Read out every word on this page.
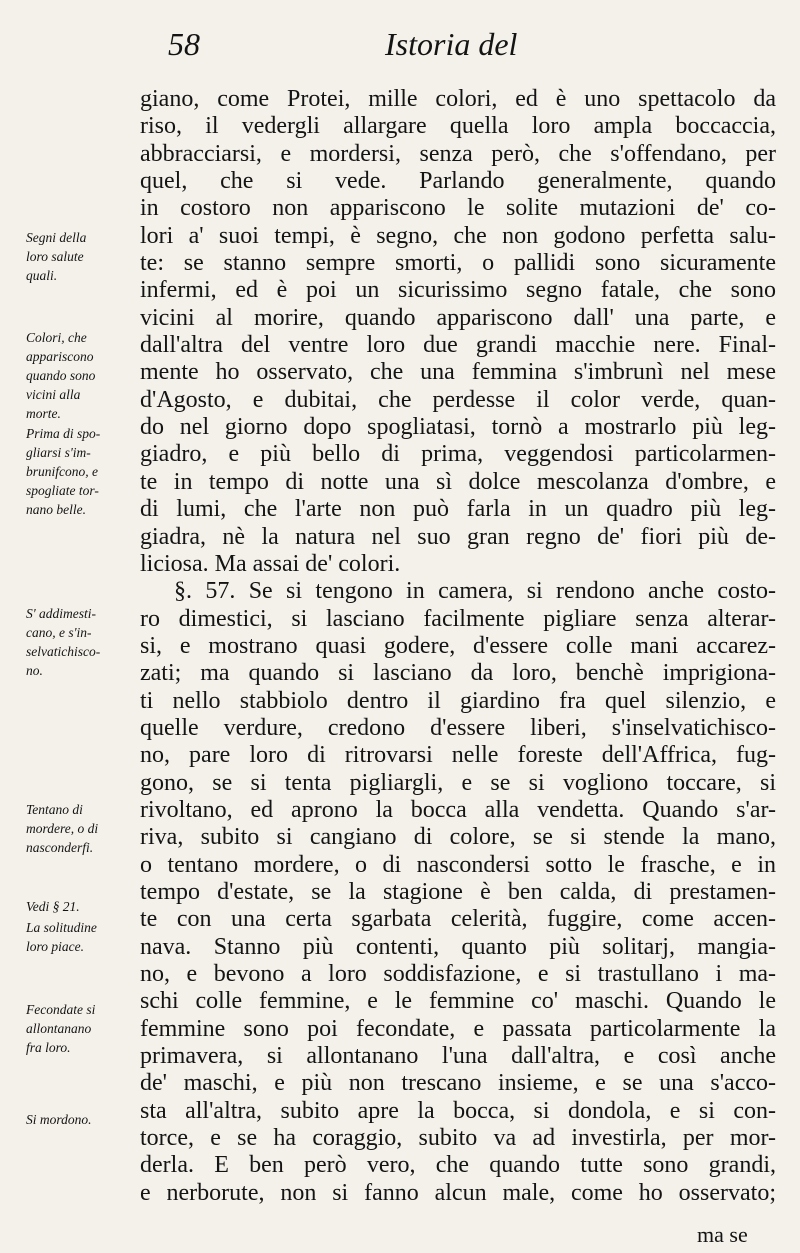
58	Istoria del
Segni della
loro salute
quali.
Colori, che
appariscono
quando sono
vicini alla
morte.
Prima di spo-
gliarsi s'im-
brunifcono, e
spogliate tor-
nano belle.
S' addimesti-
cano, e s'in-
selvatichisco-
no.
Tentano di
mordere, o di
nasconderfi.
Vedi § 21.
La solitudine
loro piace.
Fecondate si
allontanano
fra loro.
Si mordono.
giano, come Protei, mille colori, ed è uno spettacolo da
riso, il vedergli allargare quella loro ampla boccaccia,
abbracciarsi, e mordersi, senza però, che s'offendano, per
quel, che si vede. Parlando generalmente, quando
in costoro non appariscono le solite mutazioni de' co-
lori a' suoi tempi, è segno, che non godono perfetta salu-
te: se stanno sempre smorti, o pallidi sono sicuramente
infermi, ed è poi un sicurissimo segno fatale, che sono
vicini al morire, quando appariscono dall' una parte, e
dall'altra del ventre loro due grandi macchie nere. Final-
mente ho osservato, che una femmina s'imbrunì nel mese
d'Agosto, e dubitai, che perdesse il color verde, quan-
do nel giorno dopo spogliatasi, tornò a mostrarlo più leg-
giadro, e più bello di prima, veggendosi particolarmen-
te in tempo di notte una sì dolce mescolanza d'ombre, e
di lumi, che l'arte non può farla in un quadro più leg-
giadra, nè la natura nel suo gran regno de' fiori più de-
liciosa. Ma assai de' colori.
§. 57. Se si tengono in camera, si rendono anche costo-
ro dimestici, si lasciano facilmente pigliare senza alterar-
si, e mostrano quasi godere, d'essere colle mani accarez-
zati; ma quando si lasciano da loro, benchè imprigiona-
ti nello stabbiolo dentro il giardino fra quel silenzio, e
quelle verdure, credono d'essere liberi, s'inselvatichisco-
no, pare loro di ritrovarsi nelle foreste dell'Affrica, fug-
gono, se si tenta pigliargli, e se si vogliono toccare, si
rivoltano, ed aprono la bocca alla vendetta. Quando s'ar-
riva, subito si cangiano di colore, se si stende la mano,
o tentano mordere, o di nascondersi sotto le frasche, e in
tempo d'estate, se la stagione è ben calda, di prestamen-
te con una certa sgarbata celerità, fuggire, come accen-
nava. Stanno più contenti, quanto più solitarj, mangia-
no, e bevono a loro soddisfazione, e si trastullano i ma-
schi colle femmine, e le femmine co' maschi. Quando le
femmine sono poi fecondate, e passata particolarmente la
primavera, si allontanano l'una dall'altra, e così anche
de' maschi, e più non trescano insieme, e se una s'acco-
sta all'altra, subito apre la bocca, si dondola, e si con-
torce, e se ha coraggio, subito va ad investirla, per mor-
derla. E ben però vero, che quando tutte sono grandi,
e nerborute, non si fanno alcun male, come ho osservato;
ma se
